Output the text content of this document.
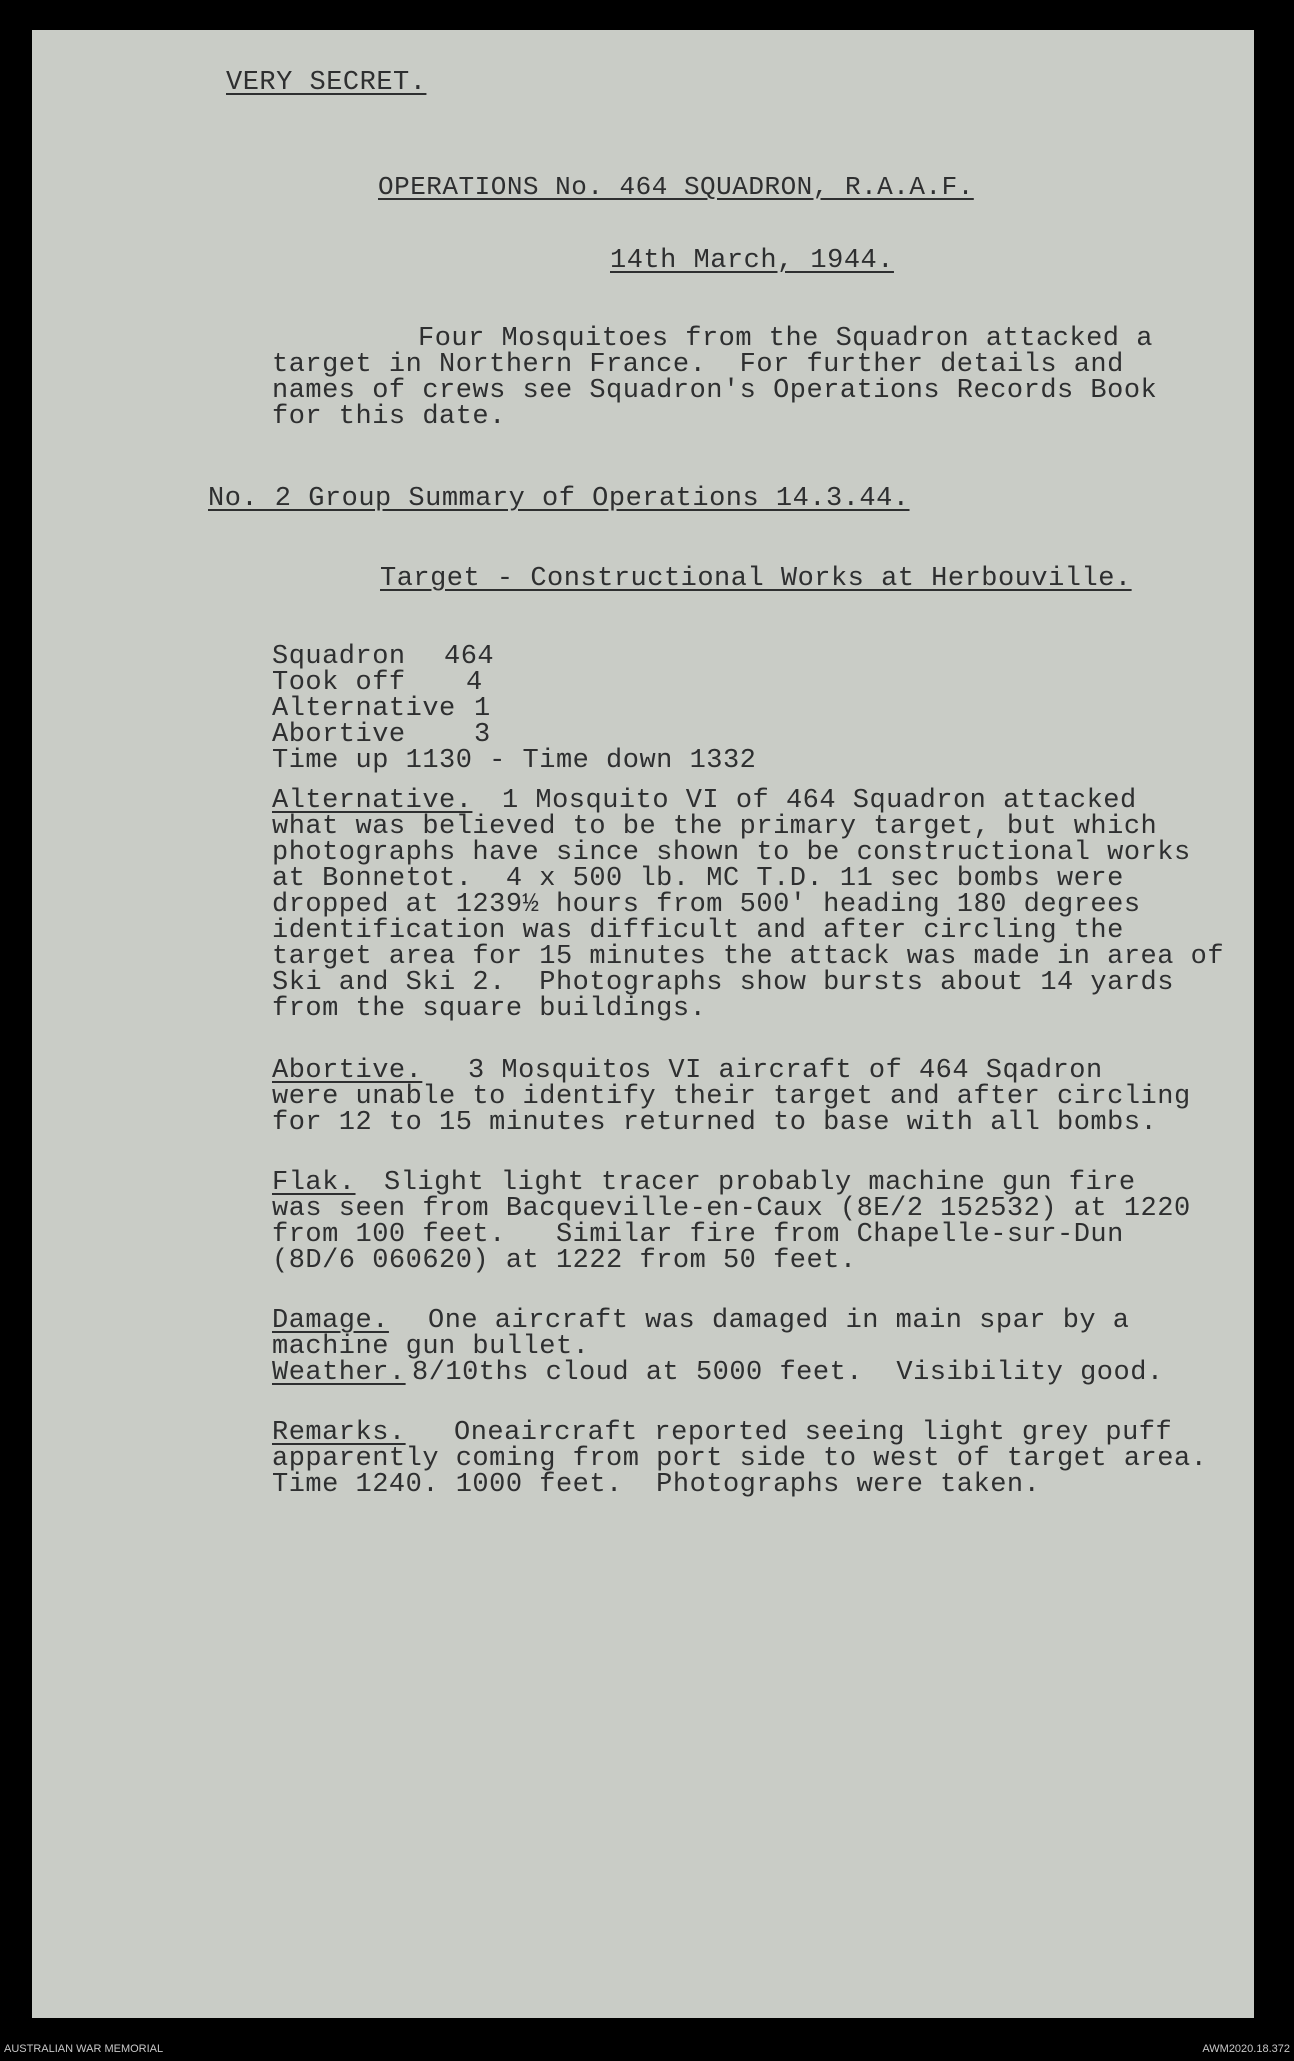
VERY SECRET.
OPERATIONS No. 464 SQUADRON, R.A.A.F.
14th March, 1944.
Four Mosquitoes from the Squadron attacked a
target in Northern France.  For further details and
names of crews see Squadron's Operations Records Book
for this date.
No. 2 Group Summary of Operations 14.3.44.
Target - Constructional Works at Herbouville.
Squadron 464
Took off 4
Alternative 1
Abortive	3
Time up 1130 - Time down 1332
Alternative. 1 Mosquito VI of 464 Squadron attacked
what was believed to be the primary target, but which
photographs have since shown to be constructional works
at Bonnetot.  4 x 500 lb. MC T.D. 11 sec bombs were
dropped at 1239½ hours from 500' heading 180 degrees
identification was difficult and after circling the
target area for 15 minutes the attack was made in area of
Ski and Ski 2.  Photographs show bursts about 14 yards
from the square buildings.
Abortive. 3 Mosquitos VI aircraft of 464 Sqadron
were unable to identify their target and after circling
for 12 to 15 minutes returned to base with all bombs.
Flak. Slight light tracer probably machine gun fire
was seen from Bacqueville-en-Caux (8E/2 152532) at 1220
from 100 feet.   Similar fire from Chapelle-sur-Dun
(8D/6 060620) at 1222 from 50 feet.
Damage. One aircraft was damaged in main spar by a
machine gun bullet.
Weather. 8/10ths cloud at 5000 feet.  Visibility good.
Remarks. Oneaircraft reported seeing light grey puff
apparently coming from port side to west of target area.
Time 1240. 1000 feet.  Photographs were taken.
AUSTRALIAN WAR MEMORIAL	AWM2020.18.372
